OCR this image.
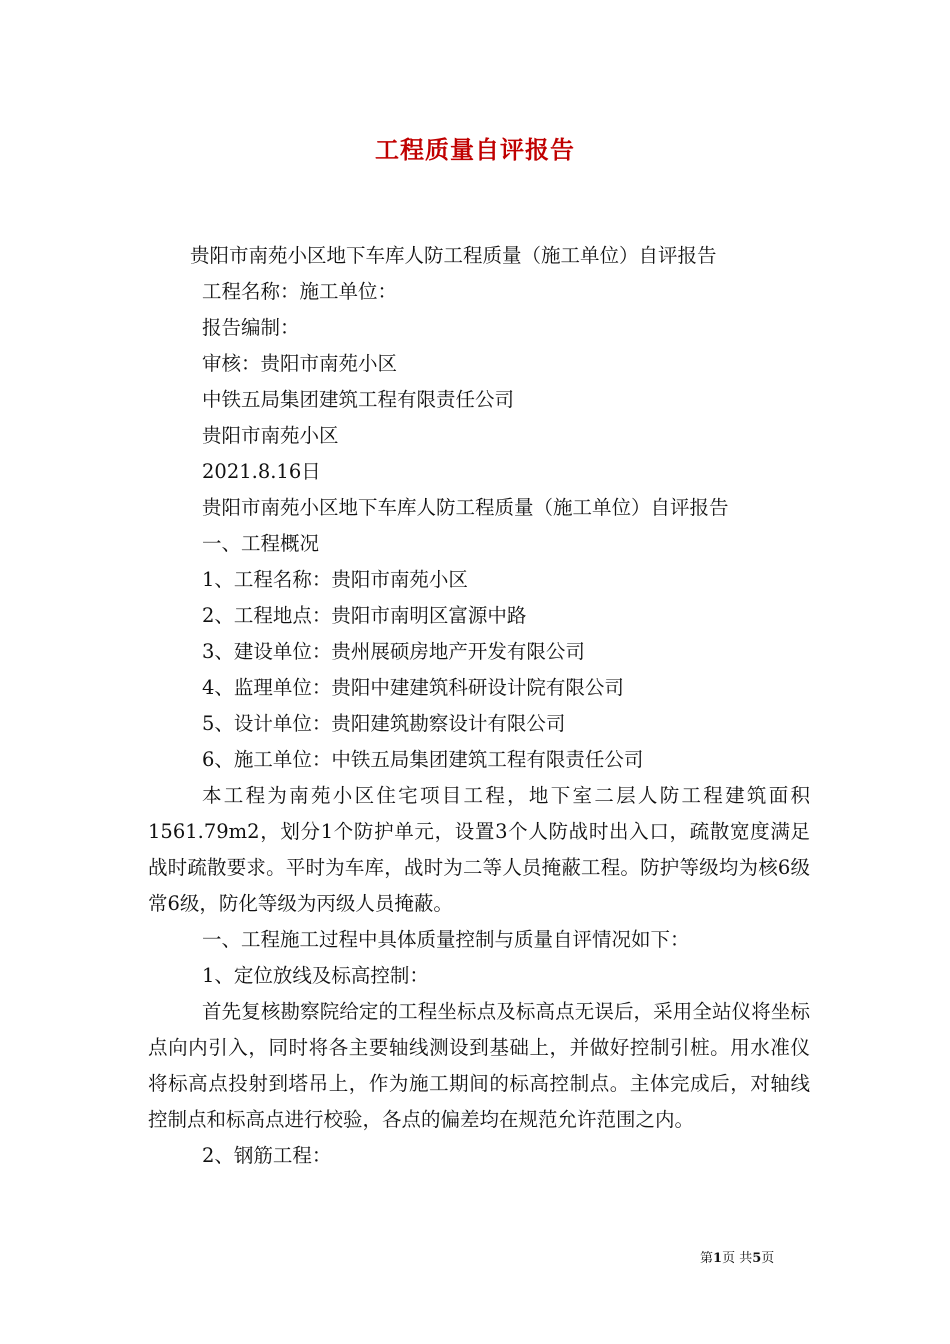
工程质量自评报告
贵阳市南苑小区地下车库人防工程质量（施工单位）自评报告
工程名称：施工单位：
报告编制：
审核：贵阳市南苑小区
中铁五局集团建筑工程有限责任公司
贵阳市南苑小区
2021.8.16日
贵阳市南苑小区地下车库人防工程质量（施工单位）自评报告
一、工程概况
1、工程名称：贵阳市南苑小区
2、工程地点：贵阳市南明区富源中路
3、建设单位：贵州展硕房地产开发有限公司
4、监理单位：贵阳中建建筑科研设计院有限公司
5、设计单位：贵阳建筑勘察设计有限公司
6、施工单位：中铁五局集团建筑工程有限责任公司
本工程为南苑小区住宅项目工程，地下室二层人防工程建筑面积1561.79m2，划分1个防护单元，设置3个人防战时出入口，疏散宽度满足战时疏散要求。平时为车库，战时为二等人员掩蔽工程。防护等级均为核6级常6级，防化等级为丙级人员掩蔽。
一、工程施工过程中具体质量控制与质量自评情况如下：
1、定位放线及标高控制：
首先复核勘察院给定的工程坐标点及标高点无误后，采用全站仪将坐标点向内引入，同时将各主要轴线测设到基础上，并做好控制引桩。用水准仪将标高点投射到塔吊上，作为施工期间的标高控制点。主体完成后，对轴线控制点和标高点进行校验，各点的偏差均在规范允许范围之内。
2、钢筋工程：
第1页 共5页
